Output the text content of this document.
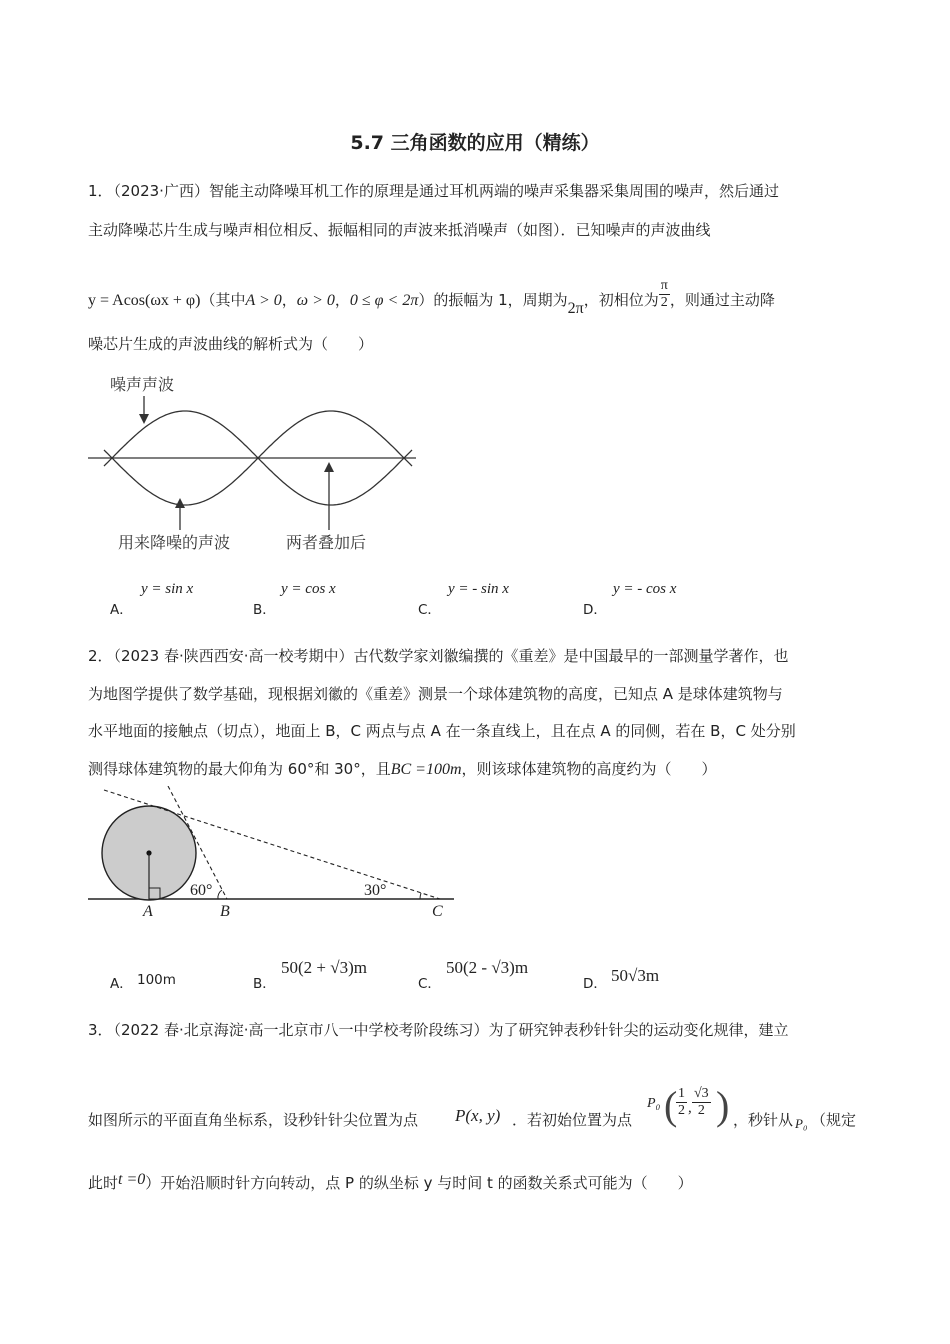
5.7 三角函数的应用（精练）
1．
（2023·广西）智能主动降噪耳机工作的原理是通过耳机两端的噪声采集器采集周围的噪声，然后通过
主动降噪芯片生成与噪声相位相反、振幅相同的声波来抵消噪声（如图）．已知噪声的声波曲线
y = Acos(ωx + φ)（其中A > 0，ω > 0，0 ≤ φ < 2π）的振幅为 1，周期为2π，初相位为 $\frac{\pi}{2}$ ，则通过主动降
噪芯片生成的声波曲线的解析式为（　　）
噪声声波
用来降噪的声波	两者叠加后
A．
y = sin x
B．
y = cos x
C．
y = - sin x
D．
y = - cos x
2．
（2023 春·陕西西安·高一校考期中）古代数学家刘徽编撰的《重差》是中国最早的一部测量学著作，也
为地图学提供了数学基础，现根据刘徽的《重差》测景一个球体建筑物的高度，已知点 A 是球体建筑物与
水平地面的接触点（切点），地面上 B，C 两点与点 A 在一条直线上，且在点 A 的同侧，若在 B，C 处分别
测得球体建筑物的最大仰角为 60°和 30°，且BC =100m，则该球体建筑物的高度约为（　　）
60°	30°
A	B	C
A． 100m	B．
50(2 + √3)m
C．
50(2 - √3)m
D． 50√3m
3．
（2022 春·北京海淀·高一北京市八一中学校考阶段练习）为了研究钟表秒针针尖的运动变化规律，建立
如图所示的平面直角坐标系，设秒针针尖位置为点 P(x, y) ．若初始位置为点
P₀ (
$\frac{1}{2}$ , $\frac{√3}{2}$ ) ，秒针从 P₀ （规定
此时t =0）开始沿顺时针方向转动，点 P 的纵坐标 y 与时间 t 的函数关系式可能为（　　）
